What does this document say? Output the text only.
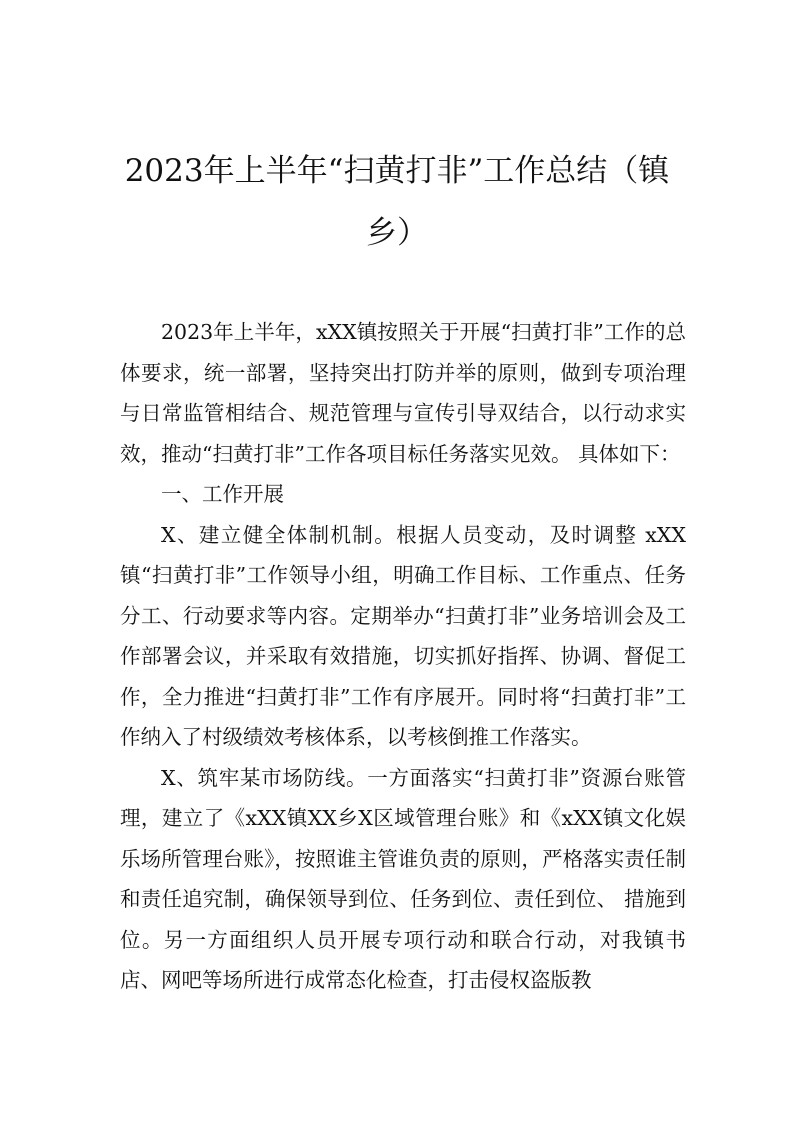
2023年上半年“扫黄打非”工作总结（镇乡）

2023年上半年，xXX镇按照关于开展“扫黄打非”工作的总体要求，统一部署，坚持突出打防并举的原则，做到专项治理与日常监管相结合、规范管理与宣传引导双结合，以行动求实效，推动“扫黄打非”工作各项目标任务落实见效。 具体如下：

一、工作开展

X、建立健全体制机制。根据人员变动，及时调整 xXX镇“扫黄打非”工作领导小组，明确工作目标、工作重点、任务分工、行动要求等内容。定期举办“扫黄打非”业务培训会及工作部署会议，并采取有效措施，切实抓好指挥、协调、督促工作，全力推进“扫黄打非”工作有序展开。同时将“扫黄打非”工作纳入了村级绩效考核体系，以考核倒推工作落实。

X、筑牢某市场防线。一方面落实“扫黄打非”资源台账管理，建立了《xXX镇XX乡X区域管理台账》和《xXX镇文化娱乐场所管理台账》，按照谁主管谁负责的原则，严格落实责任制和责任追究制，确保领导到位、任务到位、责任到位、 措施到位。另一方面组织人员开展专项行动和联合行动，对我镇书店、网吧等场所进行成常态化检查，打击侵权盗版教
